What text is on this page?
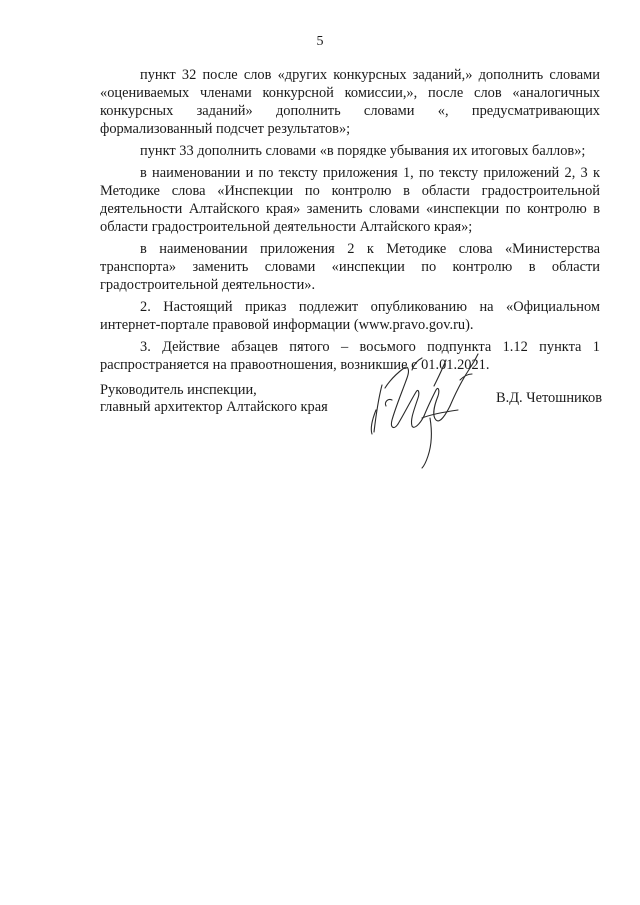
5

пункт 32 после слов «других конкурсных заданий,» дополнить словами «оцениваемых членами конкурсной комиссии,», после слов «аналогичных конкурсных заданий» дополнить словами «, предусматривающих формализованный подсчет результатов»;

пункт 33 дополнить словами «в порядке убывания их итоговых баллов»;

в наименовании и по тексту приложения 1, по тексту приложений 2, 3 к Методике слова «Инспекции по контролю в области градостроительной деятельности Алтайского края» заменить словами «инспекции по контролю в области градостроительной деятельности Алтайского края»;

в наименовании приложения 2 к Методике слова «Министерства транспорта» заменить словами «инспекции по контролю в области градостроительной деятельности».

2. Настоящий приказ подлежит опубликованию на «Официальном интернет-портале правовой информации (www.pravo.gov.ru).

3. Действие абзацев пятого – восьмого подпункта 1.12 пункта 1 распространяется на правоотношения, возникшие с 01.01.2021.

Руководитель инспекции,
главный архитектор Алтайского края
В.Д. Четошников
